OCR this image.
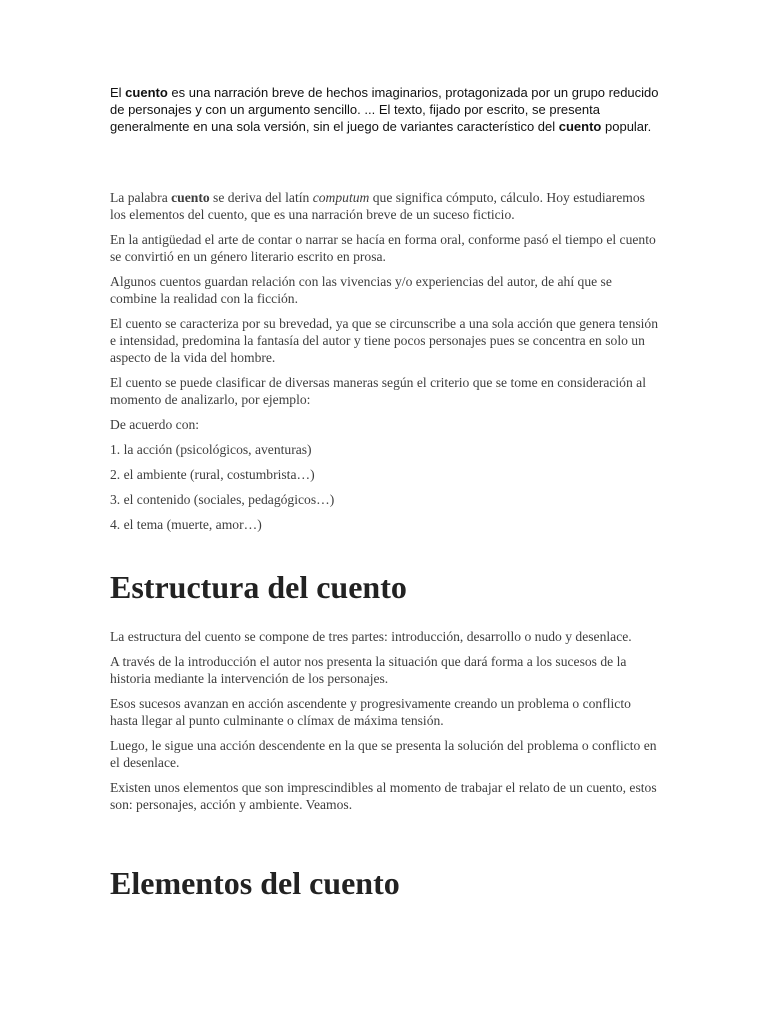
El cuento es una narración breve de hechos imaginarios, protagonizada por un grupo reducido de personajes y con un argumento sencillo. ... El texto, fijado por escrito, se presenta generalmente en una sola versión, sin el juego de variantes característico del cuento popular.

La palabra cuento se deriva del latín computum que significa cómputo, cálculo. Hoy estudiaremos los elementos del cuento, que es una narración breve de un suceso ficticio.

En la antigüedad el arte de contar o narrar se hacía en forma oral, conforme pasó el tiempo el cuento se convirtió en un género literario escrito en prosa.

Algunos cuentos guardan relación con las vivencias y/o experiencias del autor, de ahí que se combine la realidad con la ficción.

El cuento se caracteriza por su brevedad, ya que se circunscribe a una sola acción que genera tensión e intensidad, predomina la fantasía del autor y tiene pocos personajes pues se concentra en solo un aspecto de la vida del hombre.

El cuento se puede clasificar de diversas maneras según el criterio que se tome en consideración al momento de analizarlo, por ejemplo:

De acuerdo con:

1. la acción (psicológicos, aventuras)

2. el ambiente (rural, costumbrista…)

3. el contenido (sociales, pedagógicos…)

4. el tema (muerte, amor…)

Estructura del cuento

La estructura del cuento se compone de tres partes: introducción, desarrollo o nudo y desenlace.

A través de la introducción el autor nos presenta la situación que dará forma a los sucesos de la historia mediante la intervención de los personajes.

Esos sucesos avanzan en acción ascendente y progresivamente creando un problema o conflicto hasta llegar al punto culminante o clímax de máxima tensión.

Luego, le sigue una acción descendente en la que se presenta la solución del problema o conflicto en el desenlace.

Existen unos elementos que son imprescindibles al momento de trabajar el relato de un cuento, estos son: personajes, acción y ambiente. Veamos.

Elementos del cuento
